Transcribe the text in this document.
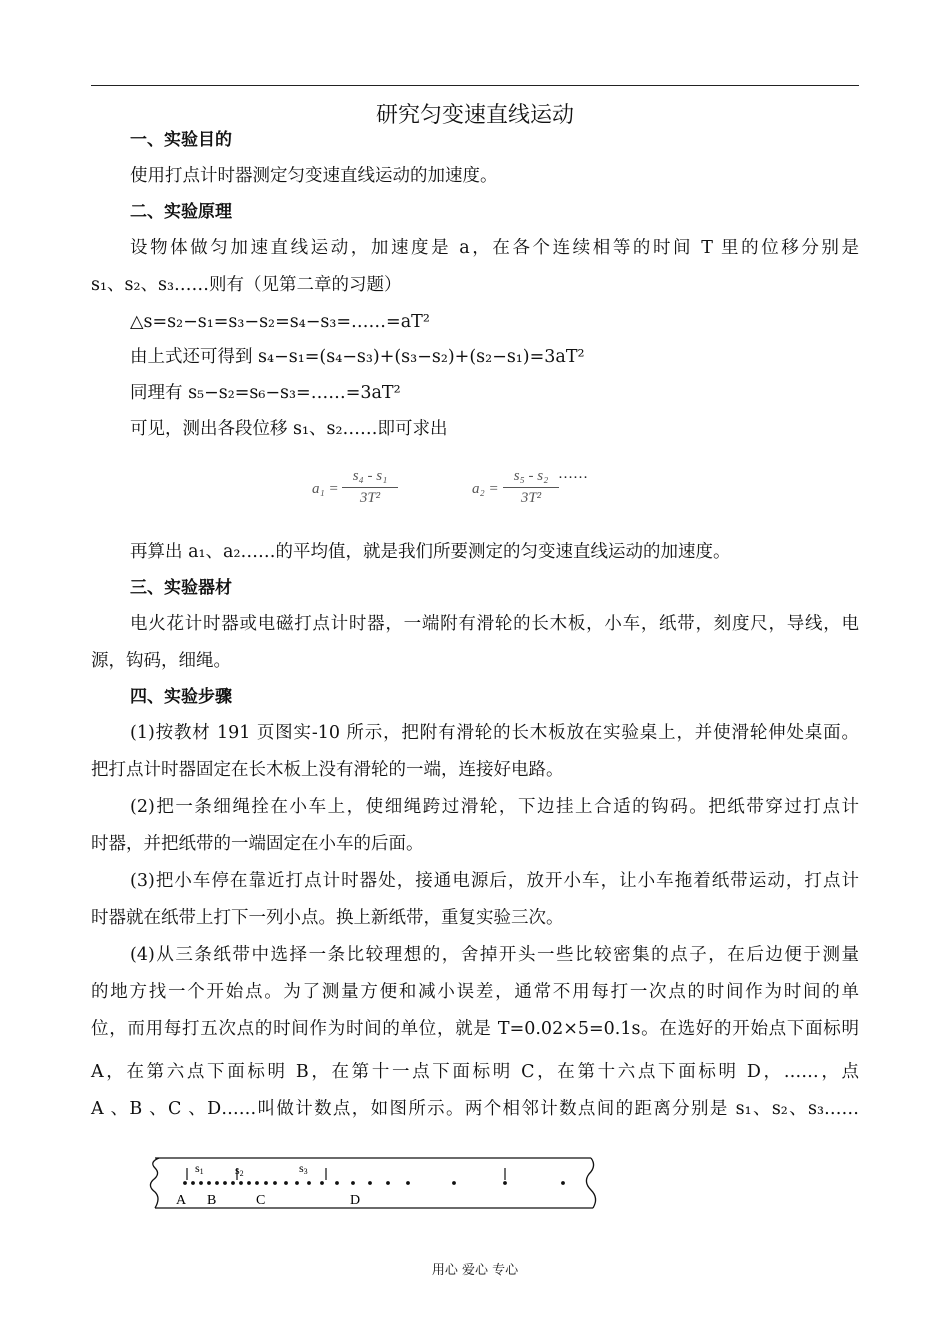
研究匀变速直线运动
一、实验目的
使用打点计时器测定匀变速直线运动的加速度。
二、实验原理
设物体做匀加速直线运动，加速度是 a，在各个连续相等的时间 T 里的位移分别是
s₁、s₂、s₃……则有（见第二章的习题）
△s=s₂−s₁=s₃−s₂=s₄−s₃=……=aT²
由上式还可得到 s₄−s₁=(s₄−s₃)+(s₃−s₂)+(s₂−s₁)=3aT²
同理有 s₅−s₂=s₆−s₃=……=3aT²
可见，测出各段位移 s₁、s₂……即可求出
$a_1 = \frac{\text{s₄ - s₁}}{\text{3T²}}$	$a_2 = \frac{\text{s₅ - s₂}}{\text{3T²}}$ ……
再算出 a₁、a₂……的平均值，就是我们所要测定的匀变速直线运动的加速度。
三、实验器材
电火花计时器或电磁打点计时器，一端附有滑轮的长木板，小车，纸带，刻度尺，导线，电
源，钩码，细绳。
四、实验步骤
(1)按教材 191 页图实-10 所示，把附有滑轮的长木板放在实验桌上，并使滑轮伸处桌面。
把打点计时器固定在长木板上没有滑轮的一端，连接好电路。
(2)把一条细绳拴在小车上，使细绳跨过滑轮，下边挂上合适的钩码。把纸带穿过打点计
时器，并把纸带的一端固定在小车的后面。
(3)把小车停在靠近打点计时器处，接通电源后，放开小车，让小车拖着纸带运动，打点计
时器就在纸带上打下一列小点。换上新纸带，重复实验三次。
(4)从三条纸带中选择一条比较理想的，舍掉开头一些比较密集的点子，在后边便于测量
的地方找一个开始点。为了测量方便和减小误差，通常不用每打一次点的时间作为时间的单
位，而用每打五次点的时间作为时间的单位，就是 T=0.02×5=0.1s。在选好的开始点下面标明
A，在第六点下面标明 B，在第十一点下面标明 C，在第十六点下面标明 D，……，点
A 、B 、C 、D……叫做计数点，如图所示。两个相邻计数点间的距离分别是 s₁、s₂、s₃……
s1	s2	s3
A B	C	D
用心 爱心 专心
